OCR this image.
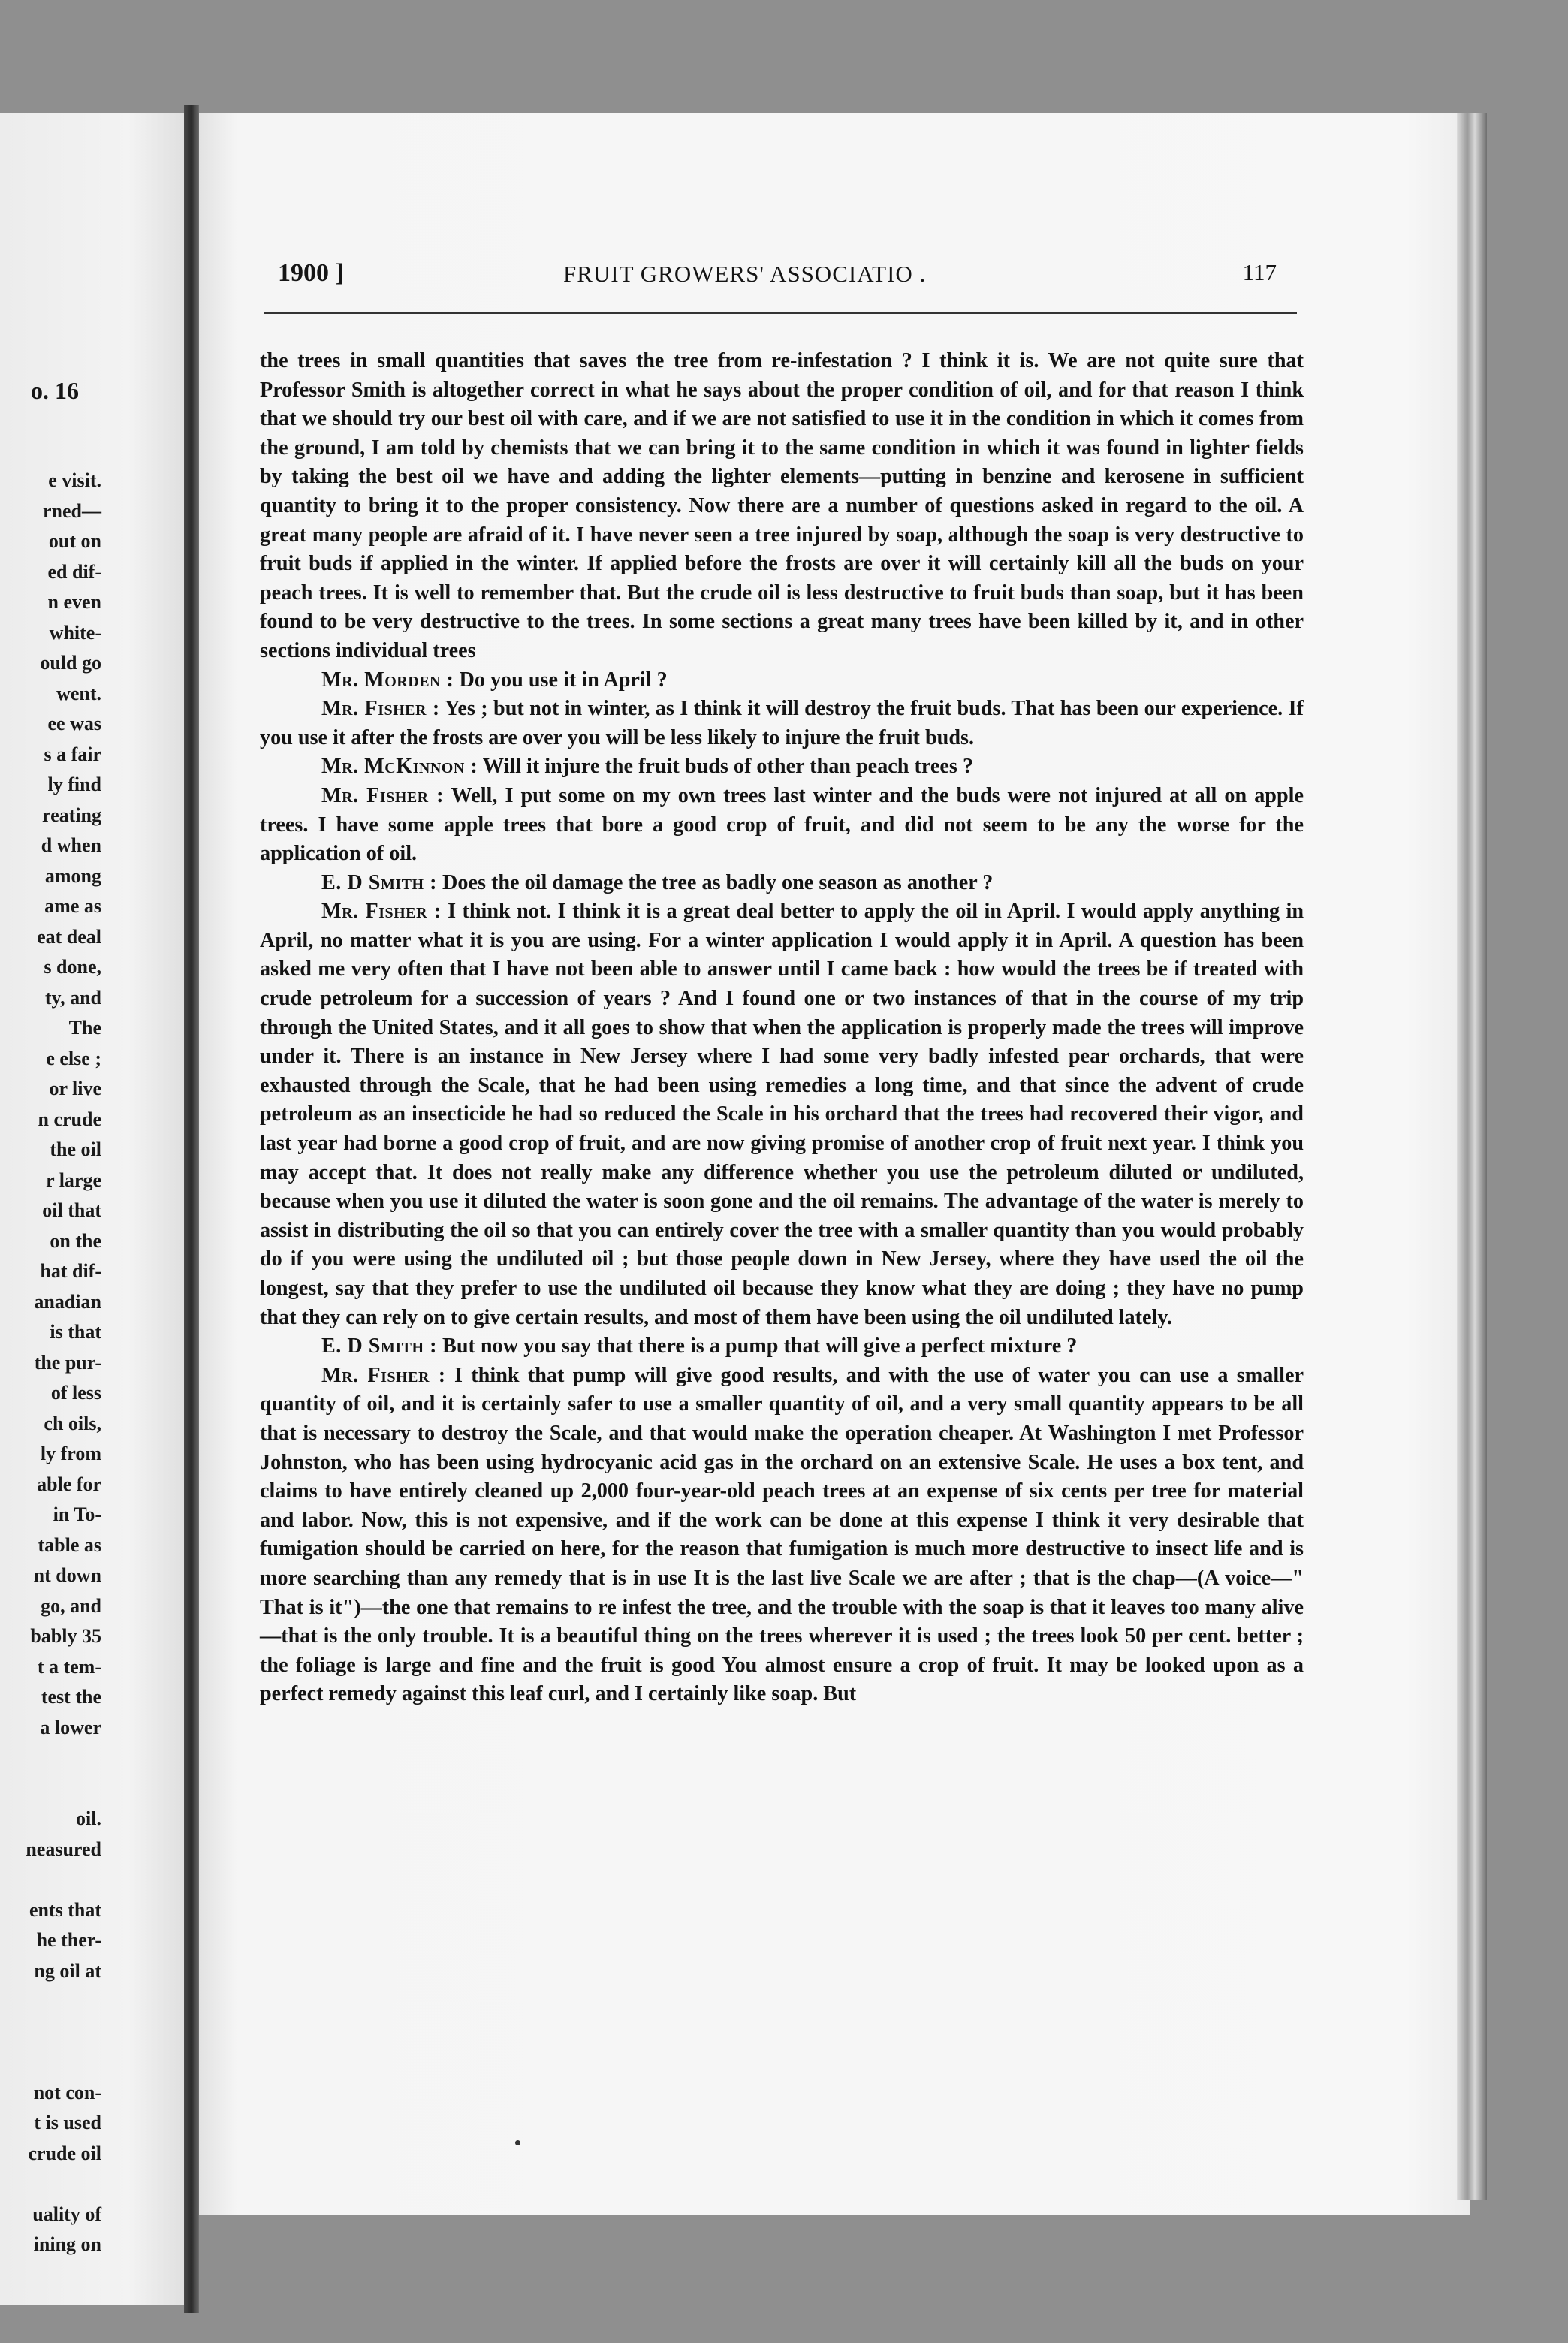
o. 16
e visit.
rned—
out on
ed dif-
n even
white-
ould go
went.
ee was
s a fair
ly find
reating
d when
among
ame as
eat deal
s done,
ty, and
The
e else ;
or live
n crude
the oil
r large
oil that
on the
hat dif-
anadian
is that
the pur-
of less
ch oils,
ly from
able for
in To-
table as
nt down
go, and
bably 35
t a tem-
test the
a lower

oil.
neasured

ents that
he ther-
ng oil at

not con-
t is used
crude oil

uality of
ining on
1900 ]	FRUIT GROWERS' ASSOCIATIO .	117

the trees in small quantities that saves the tree from re-infestation ? I think it is. We are not quite sure that Professor Smith is altogether correct in what he says about the proper condition of oil, and for that reason I think that we should try our best oil with care, and if we are not satisfied to use it in the condition in which it comes from the ground, I am told by chemists that we can bring it to the same condition in which it was found in lighter fields by taking the best oil we have and adding the lighter elements—putting in benzine and kerosene in sufficient quantity to bring it to the proper consistency. Now there are a number of questions asked in regard to the oil. A great many people are afraid of it. I have never seen a tree injured by soap, although the soap is very destructive to fruit buds if applied in the winter. If applied before the frosts are over it will certainly kill all the buds on your peach trees. It is well to remember that. But the crude oil is less destructive to fruit buds than soap, but it has been found to be very destructive to the trees. In some sections a great many trees have been killed by it, and in other sections individual trees

Mr. Morden : Do you use it in April ?

Mr. Fisher : Yes ; but not in winter, as I think it will destroy the fruit buds. That has been our experience. If you use it after the frosts are over you will be less likely to injure the fruit buds.

Mr. McKinnon : Will it injure the fruit buds of other than peach trees ?

Mr. Fisher : Well, I put some on my own trees last winter and the buds were not injured at all on apple trees. I have some apple trees that bore a good crop of fruit, and did not seem to be any the worse for the application of oil.

E. D Smith : Does the oil damage the tree as badly one season as another ?

Mr. Fisher : I think not. I think it is a great deal better to apply the oil in April. I would apply anything in April, no matter what it is you are using. For a winter application I would apply it in April. A question has been asked me very often that I have not been able to answer until I came back : how would the trees be if treated with crude petroleum for a succession of years ? And I found one or two instances of that in the course of my trip through the United States, and it all goes to show that when the application is properly made the trees will improve under it. There is an instance in New Jersey where I had some very badly infested pear orchards, that were exhausted through the Scale, that he had been using remedies a long time, and that since the advent of crude petroleum as an insecticide he had so reduced the Scale in his orchard that the trees had recovered their vigor, and last year had borne a good crop of fruit, and are now giving promise of another crop of fruit next year. I think you may accept that. It does not really make any difference whether you use the petroleum diluted or undiluted, because when you use it diluted the water is soon gone and the oil remains. The advantage of the water is merely to assist in distributing the oil so that you can entirely cover the tree with a smaller quantity than you would probably do if you were using the undiluted oil ; but those people down in New Jersey, where they have used the oil the longest, say that they prefer to use the undiluted oil because they know what they are doing ; they have no pump that they can rely on to give certain results, and most of them have been using the oil undiluted lately.

E. D Smith : But now you say that there is a pump that will give a perfect mixture ?

Mr. Fisher : I think that pump will give good results, and with the use of water you can use a smaller quantity of oil, and it is certainly safer to use a smaller quantity of oil, and a very small quantity appears to be all that is necessary to destroy the Scale, and that would make the operation cheaper. At Washington I met Professor Johnston, who has been using hydrocyanic acid gas in the orchard on an extensive Scale. He uses a box tent, and claims to have entirely cleaned up 2,000 four-year-old peach trees at an expense of six cents per tree for material and labor. Now, this is not expensive, and if the work can be done at this expense I think it very desirable that fumigation should be carried on here, for the reason that fumigation is much more destructive to insect life and is more searching than any remedy that is in use It is the last live Scale we are after ; that is the chap—(A voice—" That is it")—the one that remains to re infest the tree, and the trouble with the soap is that it leaves too many alive—that is the only trouble. It is a beautiful thing on the trees wherever it is used ; the trees look 50 per cent. better ; the foliage is large and fine and the fruit is good You almost ensure a crop of fruit. It may be looked upon as a perfect remedy against this leaf curl, and I certainly like soap. But
